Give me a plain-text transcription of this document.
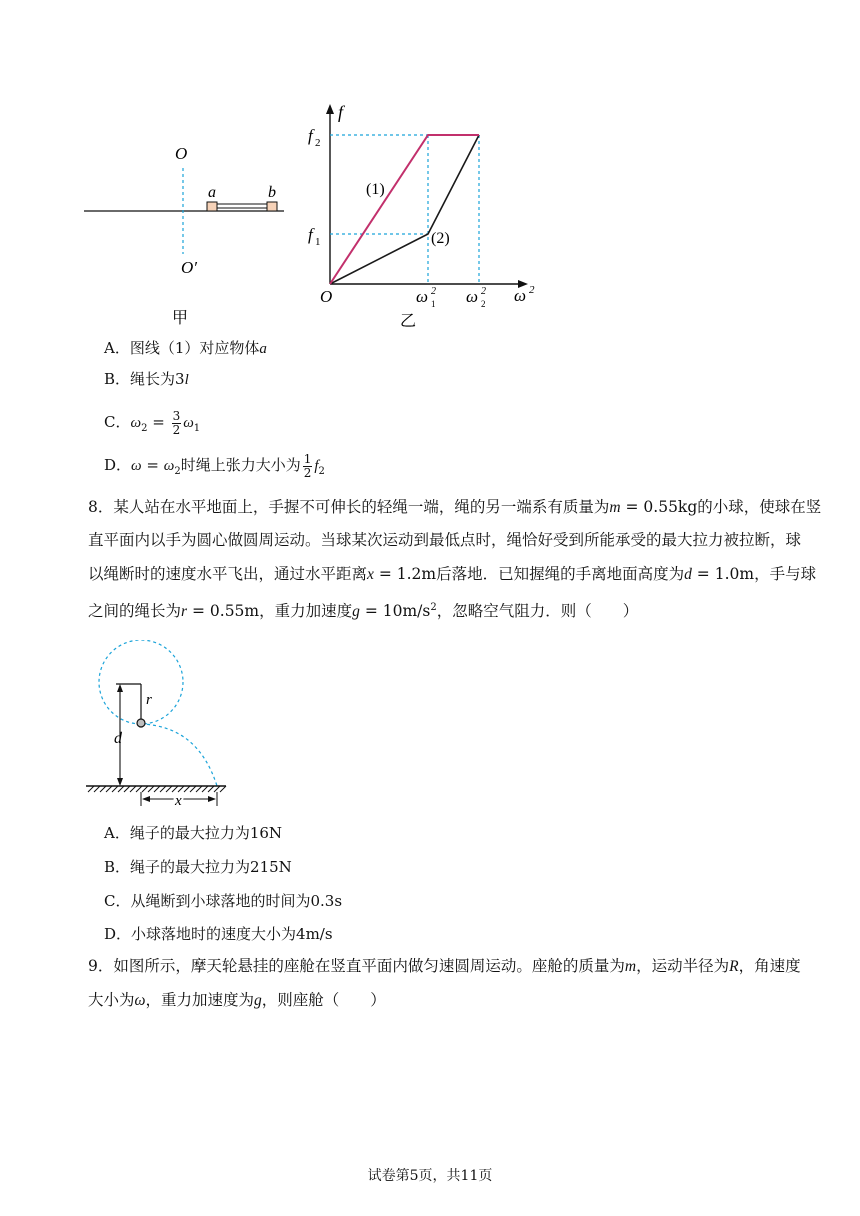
O
O′
a	b
甲
f
ω 2
O
f 2
f 1
ω 2
1 ω 2
2
(1)
(2)
乙
A．图线（1）对应物体a
B．绳长为3l
C．$\omega_2 = \frac{3}{2} \omega_1$
D．$\omega = \omega_2$时绳上张力大小为 $\frac{1}{2} f_2$
8．某人站在水平地面上，手握不可伸长的轻绳一端，绳的另一端系有质量为m = 0.55kg的小球，使球在竖
直平面内以手为圆心做圆周运动。当球某次运动到最低点时，绳恰好受到所能承受的最大拉力被拉断，球
以绳断时的速度水平飞出，通过水平距离x = 1.2m后落地．已知握绳的手离地面高度为d = 1.0m，手与球
之间的绳长为r = 0.55m，重力加速度$g = 10m/s^2$，忽略空气阻力．则（　　）
r
d
x
A．绳子的最大拉力为16N
B．绳子的最大拉力为215N
C．从绳断到小球落地的时间为0.3s
D．小球落地时的速度大小为4m/s
9．如图所示，摩天轮悬挂的座舱在竖直平面内做匀速圆周运动。座舱的质量为m，运动半径为R，角速度
大小为ω，重力加速度为g，则座舱（　　）
试卷第5页，共11页
